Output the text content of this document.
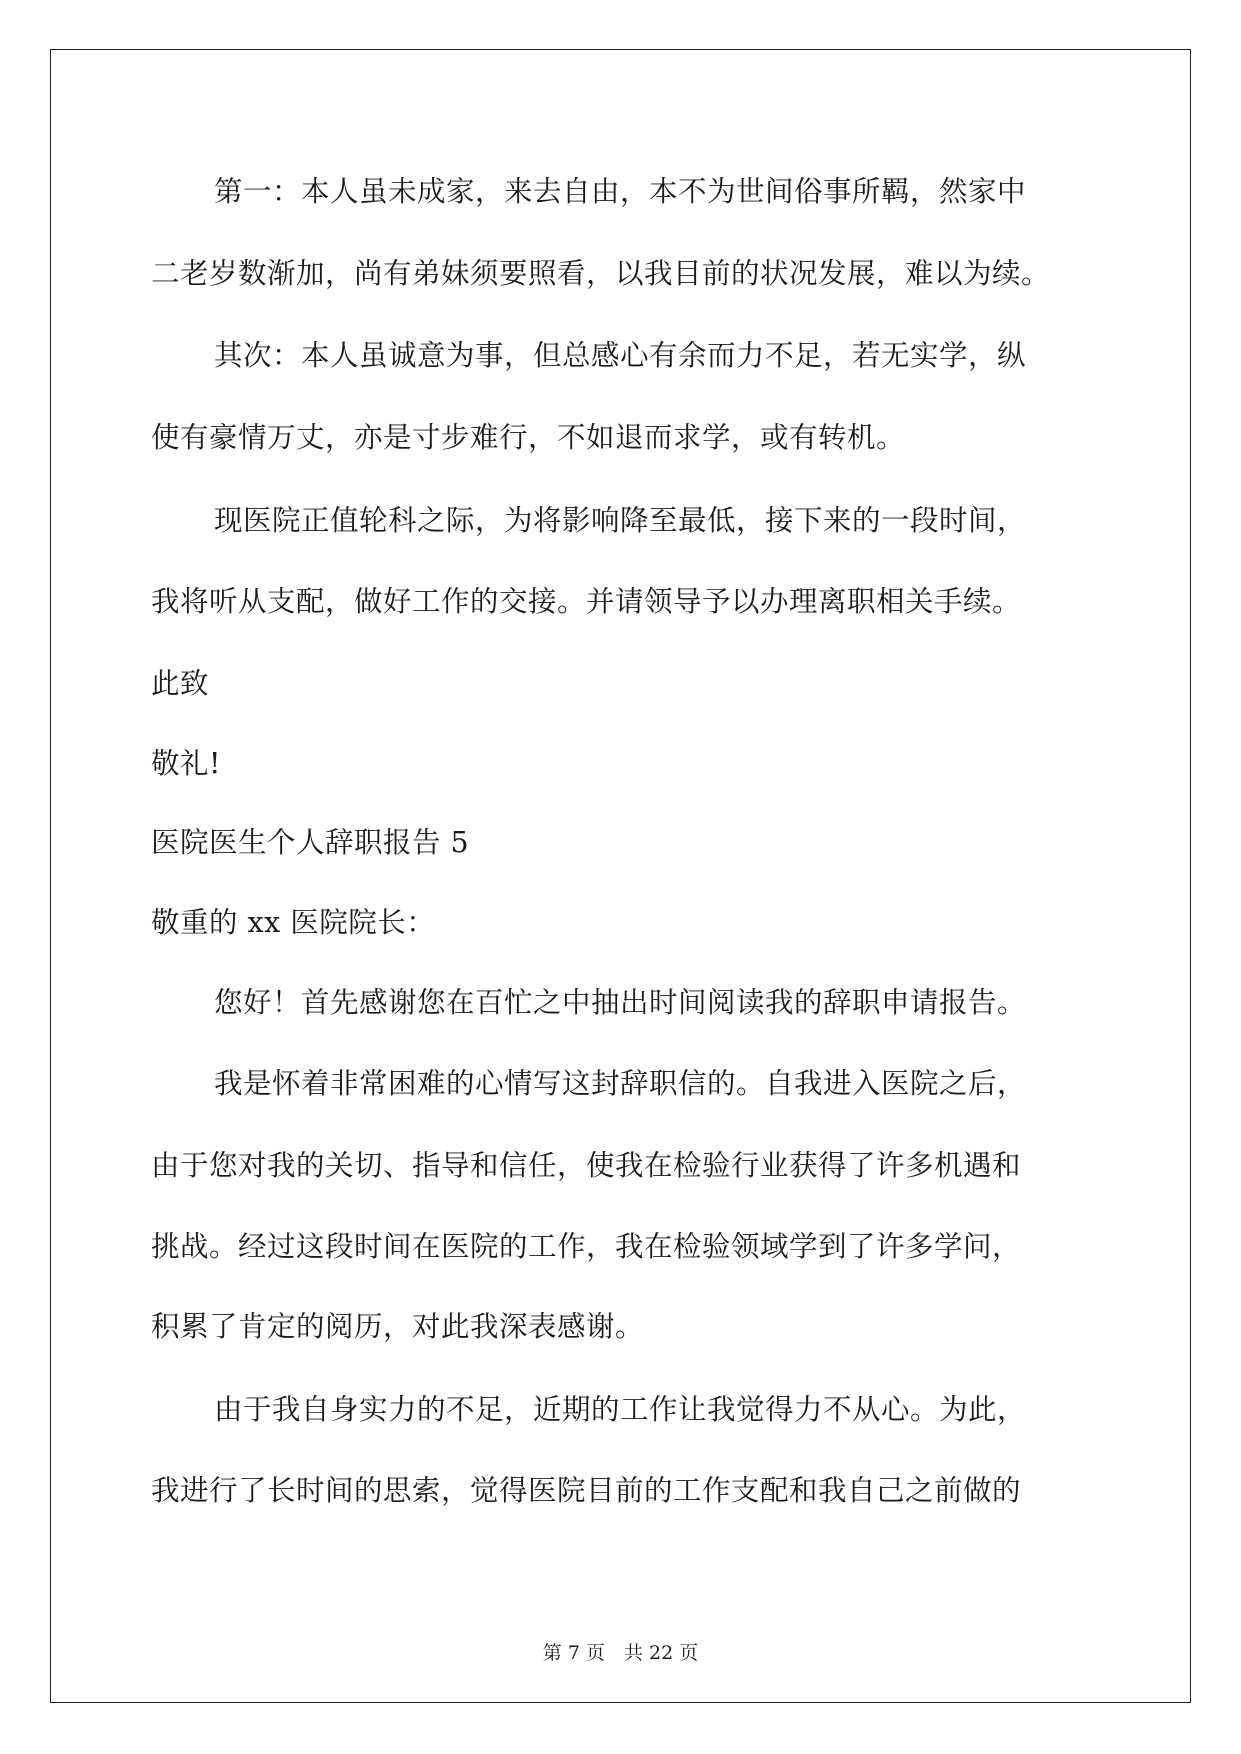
第一：本人虽未成家，来去自由，本不为世间俗事所羁，然家中
二老岁数渐加，尚有弟妹须要照看，以我目前的状况发展，难以为续。
其次：本人虽诚意为事，但总感心有余而力不足，若无实学，纵
使有豪情万丈，亦是寸步难行，不如退而求学，或有转机。
现医院正值轮科之际，为将影响降至最低，接下来的一段时间，
我将听从支配，做好工作的交接。并请领导予以办理离职相关手续。
此致
敬礼!
医院医生个人辞职报告 5
敬重的 xx 医院院长：
您好！首先感谢您在百忙之中抽出时间阅读我的辞职申请报告。
我是怀着非常困难的心情写这封辞职信的。自我进入医院之后，
由于您对我的关切、指导和信任，使我在检验行业获得了许多机遇和
挑战。经过这段时间在医院的工作，我在检验领域学到了许多学问，
积累了肯定的阅历，对此我深表感谢。
由于我自身实力的不足，近期的工作让我觉得力不从心。为此，
我进行了长时间的思索，觉得医院目前的工作支配和我自己之前做的
第 7 页　共 22 页
